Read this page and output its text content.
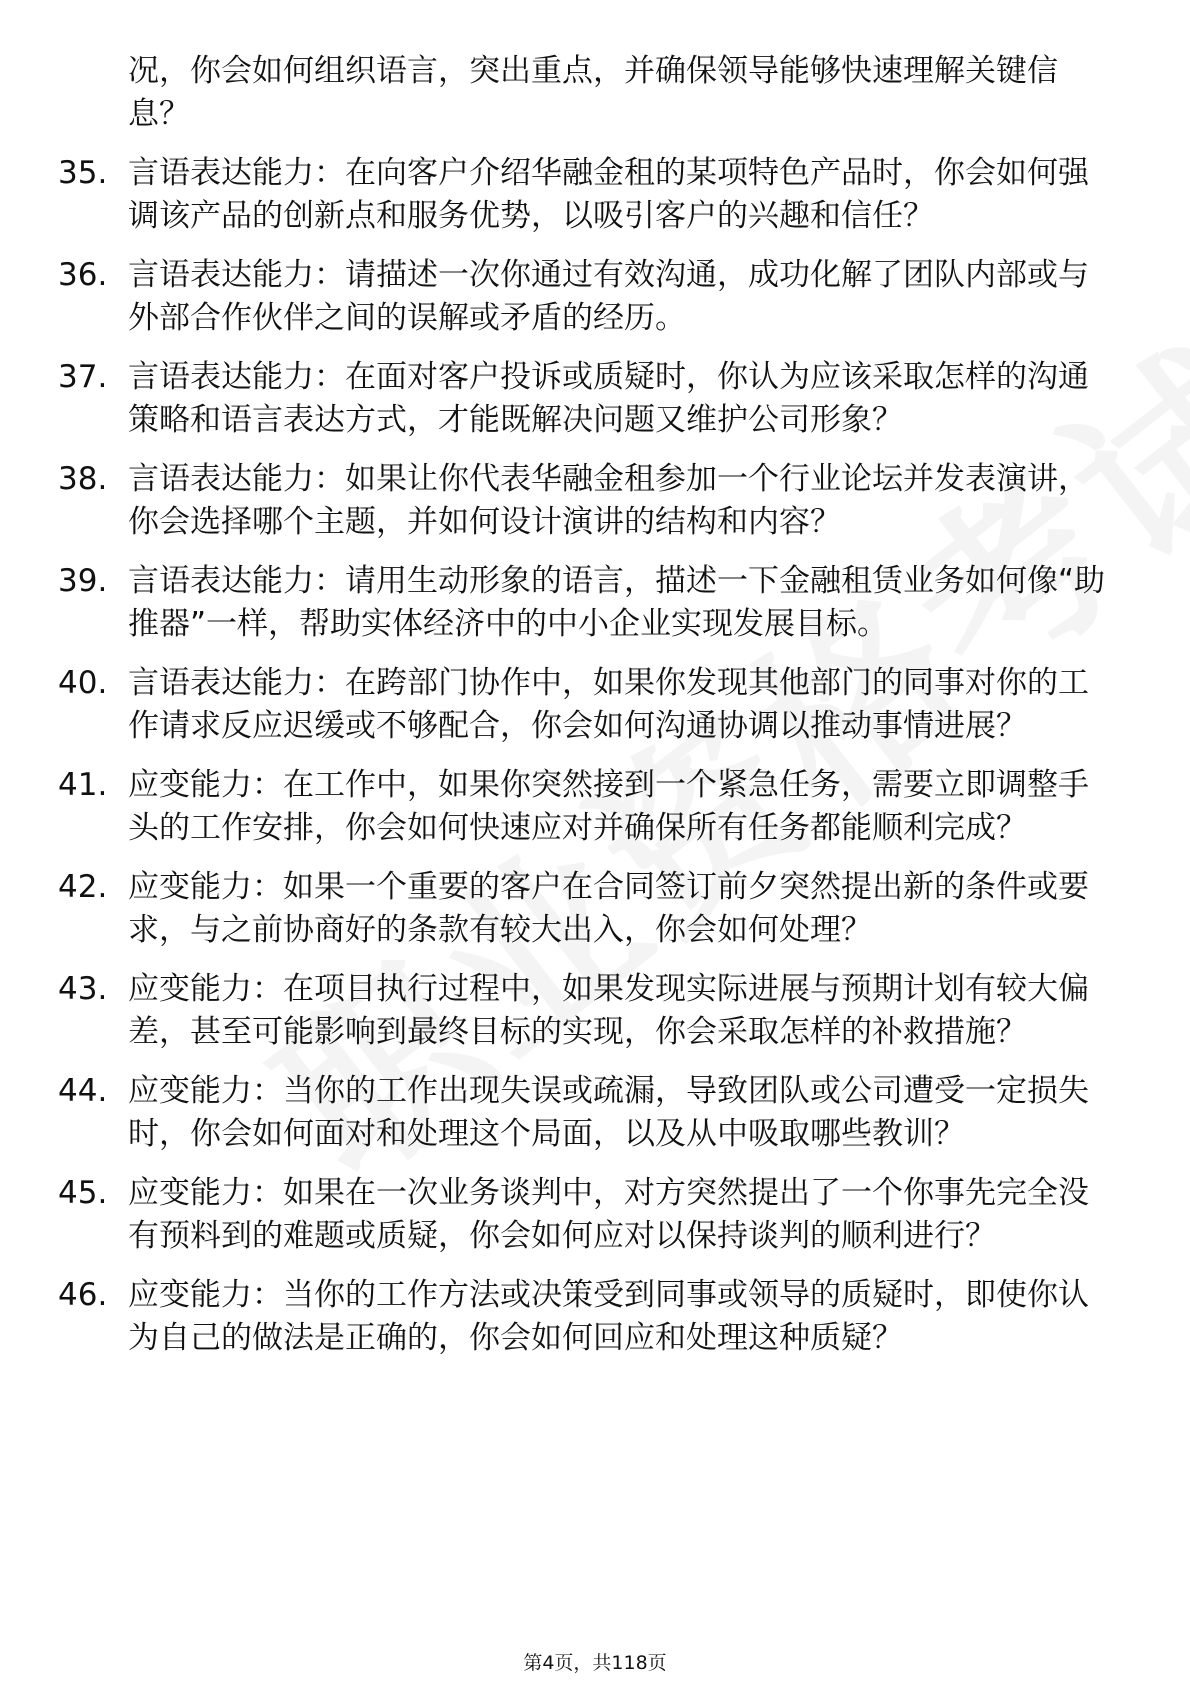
况，你会如何组织语言，突出重点，并确保领导能够快速理解关键信息？
35. 言语表达能力：在向客户介绍华融金租的某项特色产品时，你会如何强调该产品的创新点和服务优势，以吸引客户的兴趣和信任？
36. 言语表达能力：请描述一次你通过有效沟通，成功化解了团队内部或与外部合作伙伴之间的误解或矛盾的经历。
37. 言语表达能力：在面对客户投诉或质疑时，你认为应该采取怎样的沟通策略和语言表达方式，才能既解决问题又维护公司形象？
38. 言语表达能力：如果让你代表华融金租参加一个行业论坛并发表演讲，你会选择哪个主题，并如何设计演讲的结构和内容？
39. 言语表达能力：请用生动形象的语言，描述一下金融租赁业务如何像“助推器”一样，帮助实体经济中的中小企业实现发展目标。
40. 言语表达能力：在跨部门协作中，如果你发现其他部门的同事对你的工作请求反应迟缓或不够配合，你会如何沟通协调以推动事情进展？
41. 应变能力：在工作中，如果你突然接到一个紧急任务，需要立即调整手头的工作安排，你会如何快速应对并确保所有任务都能顺利完成？
42. 应变能力：如果一个重要的客户在合同签订前夕突然提出新的条件或要求，与之前协商好的条款有较大出入，你会如何处理？
43. 应变能力：在项目执行过程中，如果发现实际进展与预期计划有较大偏差，甚至可能影响到最终目标的实现，你会采取怎样的补救措施？
44. 应变能力：当你的工作出现失误或疏漏，导致团队或公司遭受一定损失时，你会如何面对和处理这个局面，以及从中吸取哪些教训？
45. 应变能力：如果在一次业务谈判中，对方突然提出了一个你事先完全没有预料到的难题或质疑，你会如何应对以保持谈判的顺利进行？
46. 应变能力：当你的工作方法或决策受到同事或领导的质疑时，即使你认为自己的做法是正确的，你会如何回应和处理这种质疑？
第4页，共118页
